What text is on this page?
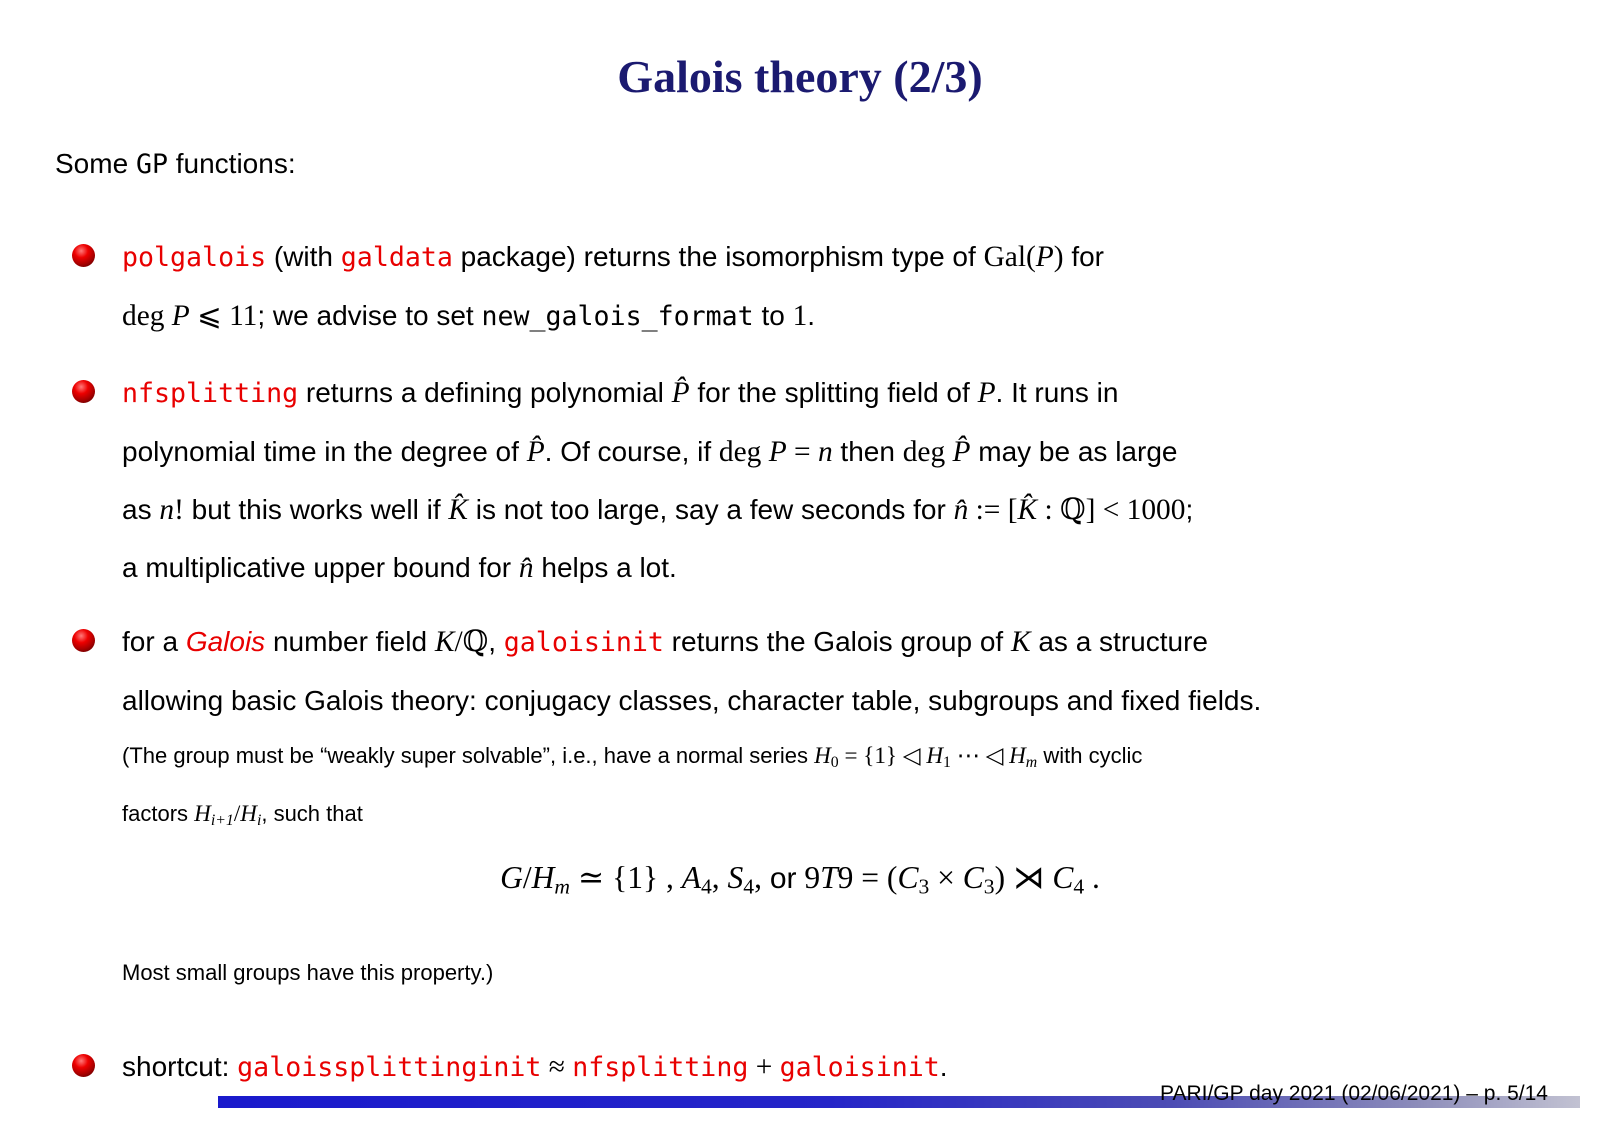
Galois theory (2/3)
Some GP functions:
polgalois (with galdata package) returns the isomorphism type of Gal(P) for
deg P ⩽ 11; we advise to set new_galois_format to 1.
nfsplitting returns a defining polynomial P̂ for the splitting field of P. It runs in
polynomial time in the degree of P̂. Of course, if deg P = n then deg P̂ may be as large
as n! but this works well if K̂ is not too large, say a few seconds for n̂ := [K̂ : ℚ] < 1000;
a multiplicative upper bound for n̂ helps a lot.
for a Galois number field K/ℚ, galoisinit returns the Galois group of K as a structure
allowing basic Galois theory: conjugacy classes, character table, subgroups and fixed fields.
(The group must be “weakly super solvable”, i.e., have a normal series H0 = {1} ◁ H1 ⋯ ◁ Hm with cyclic
factors Hi+1/Hi, such that
G/Hm ≃ {1} , A4, S4, or 9T9 = (C3 × C3) ⋊ C4 .
Most small groups have this property.)
shortcut: galoissplittinginit ≈ nfsplitting + galoisinit.
PARI/GP day 2021 (02/06/2021) – p. 5/14
